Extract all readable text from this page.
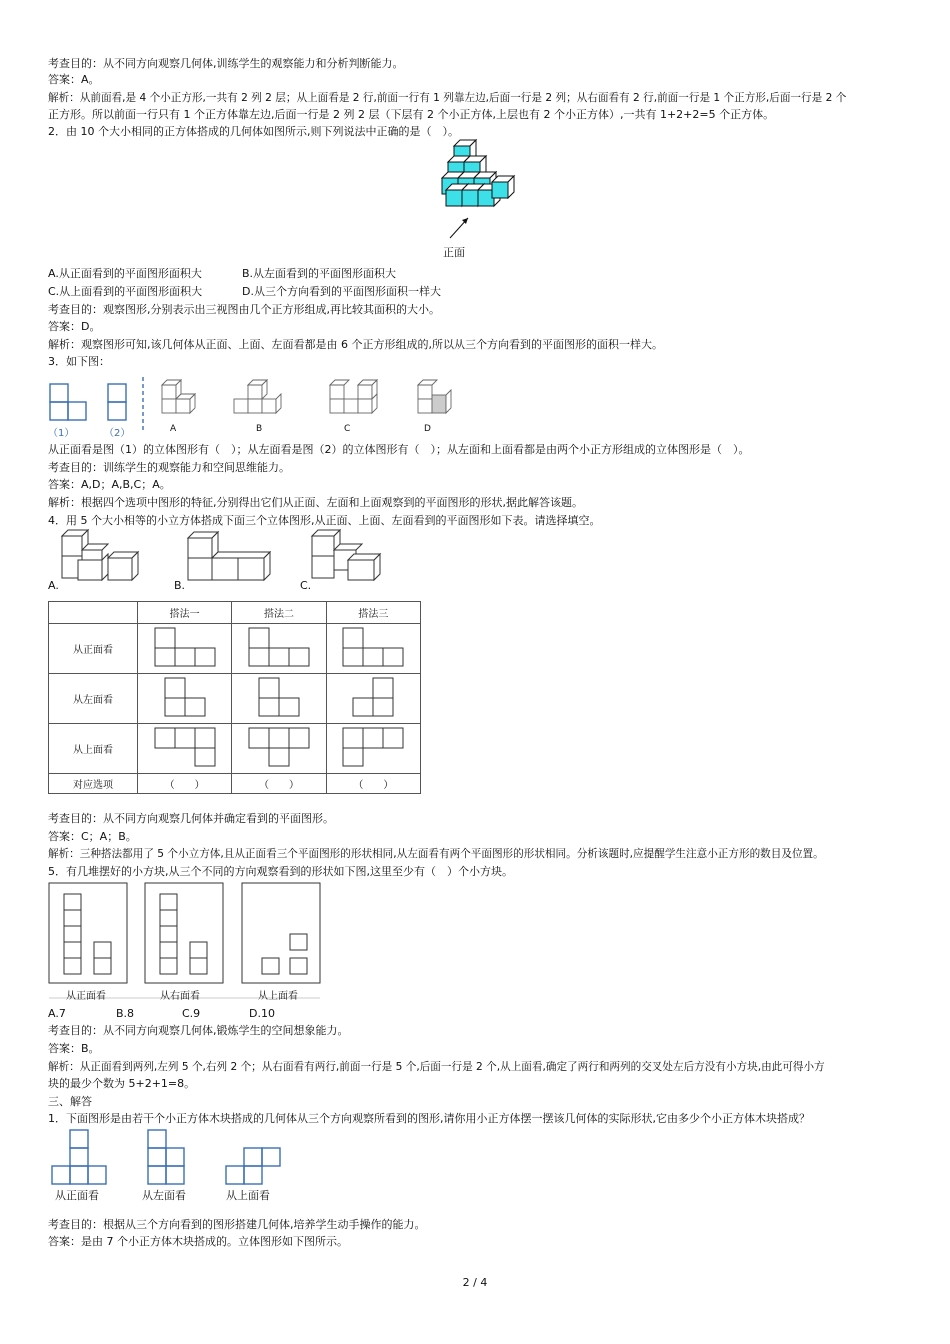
考查目的：从不同方向观察几何体,训练学生的观察能力和分析判断能力。
答案：A。
解析：从前面看,是 4 个小正方形,一共有 2 列 2 层；从上面看是 2 行,前面一行有 1 列靠左边,后面一行是 2 列；从右面看有 2 行,前面一行是 1 个正方形,后面一行是 2 个
正方形。所以前面一行只有 1 个正方体靠左边,后面一行是 2 列 2 层（下层有 2 个小正方体,上层也有 2 个小正方体）,一共有 1+2+2=5 个正方体。
2．由 10 个大小相同的正方体搭成的几何体如图所示,则下列说法中正确的是（　）。
正面
A.从正面看到的平面图形面积大	B.从左面看到的平面图形面积大
C.从上面看到的平面图形面积大	D.从三个方向看到的平面图形面积一样大
考查目的：观察图形,分别表示出三视图由几个正方形组成,再比较其面积的大小。
答案：D。
解析：观察图形可知,该几何体从正面、上面、左面看都是由 6 个正方形组成的,所以从三个方向看到的平面图形的面积一样大。
3．如下图：
（1）	（2）	A	B	C	D
从正面看是图（1）的立体图形有（　）；从左面看是图（2）的立体图形有（　）；从左面和上面看都是由两个小正方形组成的立体图形是（　）。
考查目的：训练学生的观察能力和空间思维能力。
答案：A,D；A,B,C；A。
解析：根据四个选项中图形的特征,分别得出它们从正面、左面和上面观察到的平面图形的形状,据此解答该题。
4．用 5 个大小相等的小立方体搭成下面三个立体图形,从正面、上面、左面看到的平面图形如下表。请选择填空。
A.	B.	C.
	搭法一	搭法二	搭法三
从正面看			
从左面看			
从上面看			
对应选项	（　　）	（　　）	（　　）
考查目的：从不同方向观察几何体并确定看到的平面图形。
答案：C；A；B。
解析：三种搭法都用了 5 个小立方体,且从正面看三个平面图形的形状相同,从左面看有两个平面图形的形状相同。分析该题时,应提醒学生注意小正方形的数目及位置。
5．有几堆摆好的小方块,从三个不同的方向观察看到的形状如下图,这里至少有（　）个小方块。
从正面看	从右面看	从上面看
A.7	B.8	C.9	D.10
考查目的：从不同方向观察几何体,锻炼学生的空间想象能力。
答案：B。
解析：从正面看到两列,左列 5 个,右列 2 个；从右面看有两行,前面一行是 5 个,后面一行是 2 个,从上面看,确定了两行和两列的交叉处左后方没有小方块,由此可得小方
块的最少个数为 5+2+1=8。
三、解答
1．下面图形是由若干个小正方体木块搭成的几何体从三个方向观察所看到的图形,请你用小正方体摆一摆该几何体的实际形状,它由多少个小正方体木块搭成？
从正面看	从左面看	从上面看
考查目的：根据从三个方向看到的图形搭建几何体,培养学生动手操作的能力。
答案：是由 7 个小正方体木块搭成的。立体图形如下图所示。
2 / 4
